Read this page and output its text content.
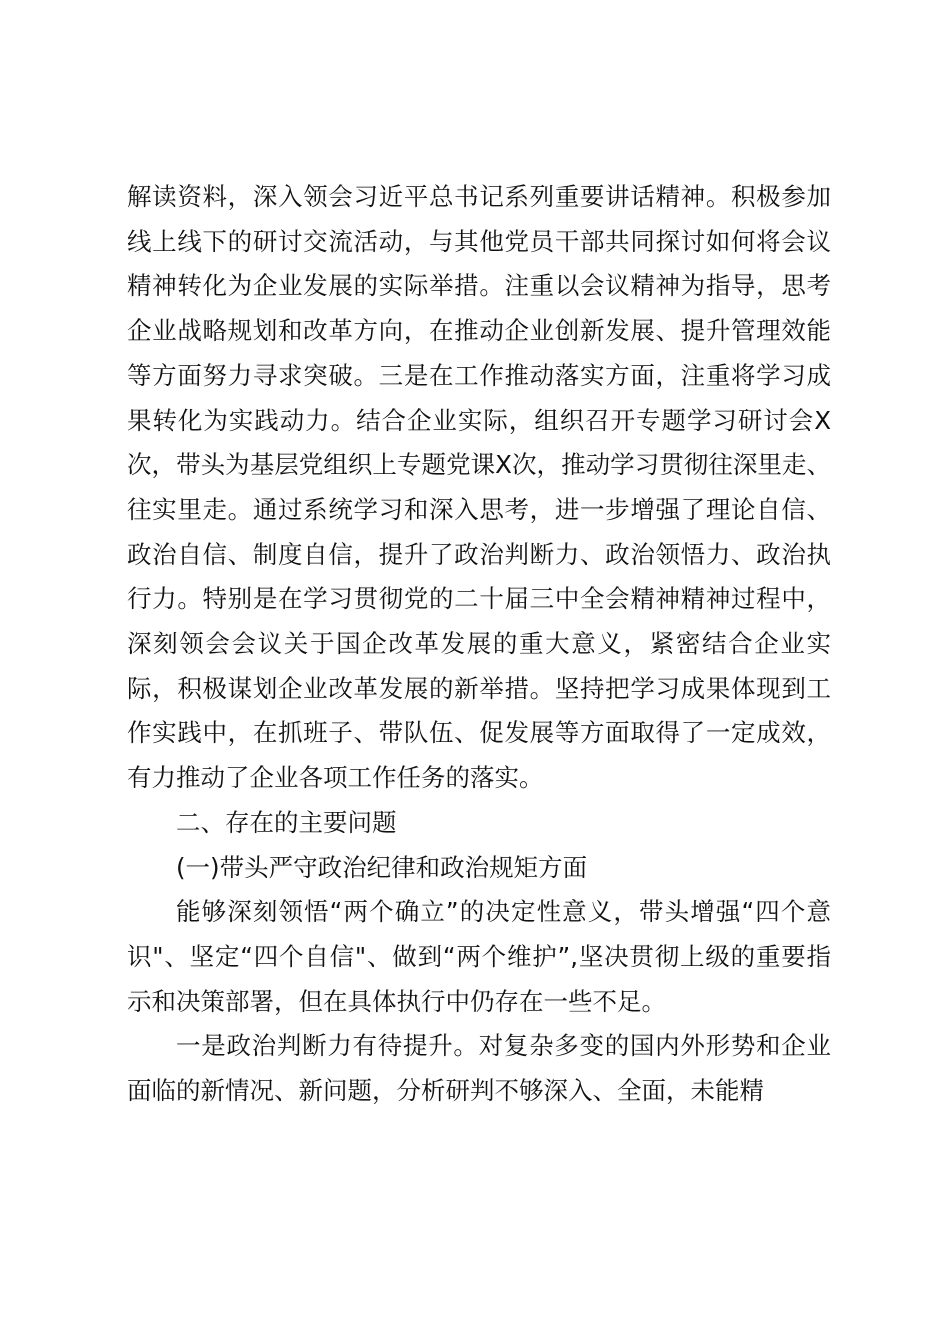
解读资料，深入领会习近平总书记系列重要讲话精神。积极参加线上线下的研讨交流活动，与其他党员干部共同探讨如何将会议精神转化为企业发展的实际举措。注重以会议精神为指导，思考企业战略规划和改革方向，在推动企业创新发展、提升管理效能等方面努力寻求突破。三是在工作推动落实方面，注重将学习成果转化为实践动力。结合企业实际，组织召开专题学习研讨会X次，带头为基层党组织上专题党课X次，推动学习贯彻往深里走、往实里走。通过系统学习和深入思考，进一步增强了理论自信、政治自信、制度自信，提升了政治判断力、政治领悟力、政治执行力。特别是在学习贯彻党的二十届三中全会精神精神过程中，深刻领会会议关于国企改革发展的重大意义，紧密结合企业实际，积极谋划企业改革发展的新举措。坚持把学习成果体现到工作实践中，在抓班子、带队伍、促发展等方面取得了一定成效，有力推动了企业各项工作任务的落实。

二、存在的主要问题

(一)带头严守政治纪律和政治规矩方面

能够深刻领悟“两个确立”的决定性意义，带头增强“四个意识"、坚定“四个自信"、做到“两个维护”,坚决贯彻上级的重要指示和决策部署，但在具体执行中仍存在一些不足。

一是政治判断力有待提升。对复杂多变的国内外形势和企业面临的新情况、新问题，分析研判不够深入、全面，未能精
